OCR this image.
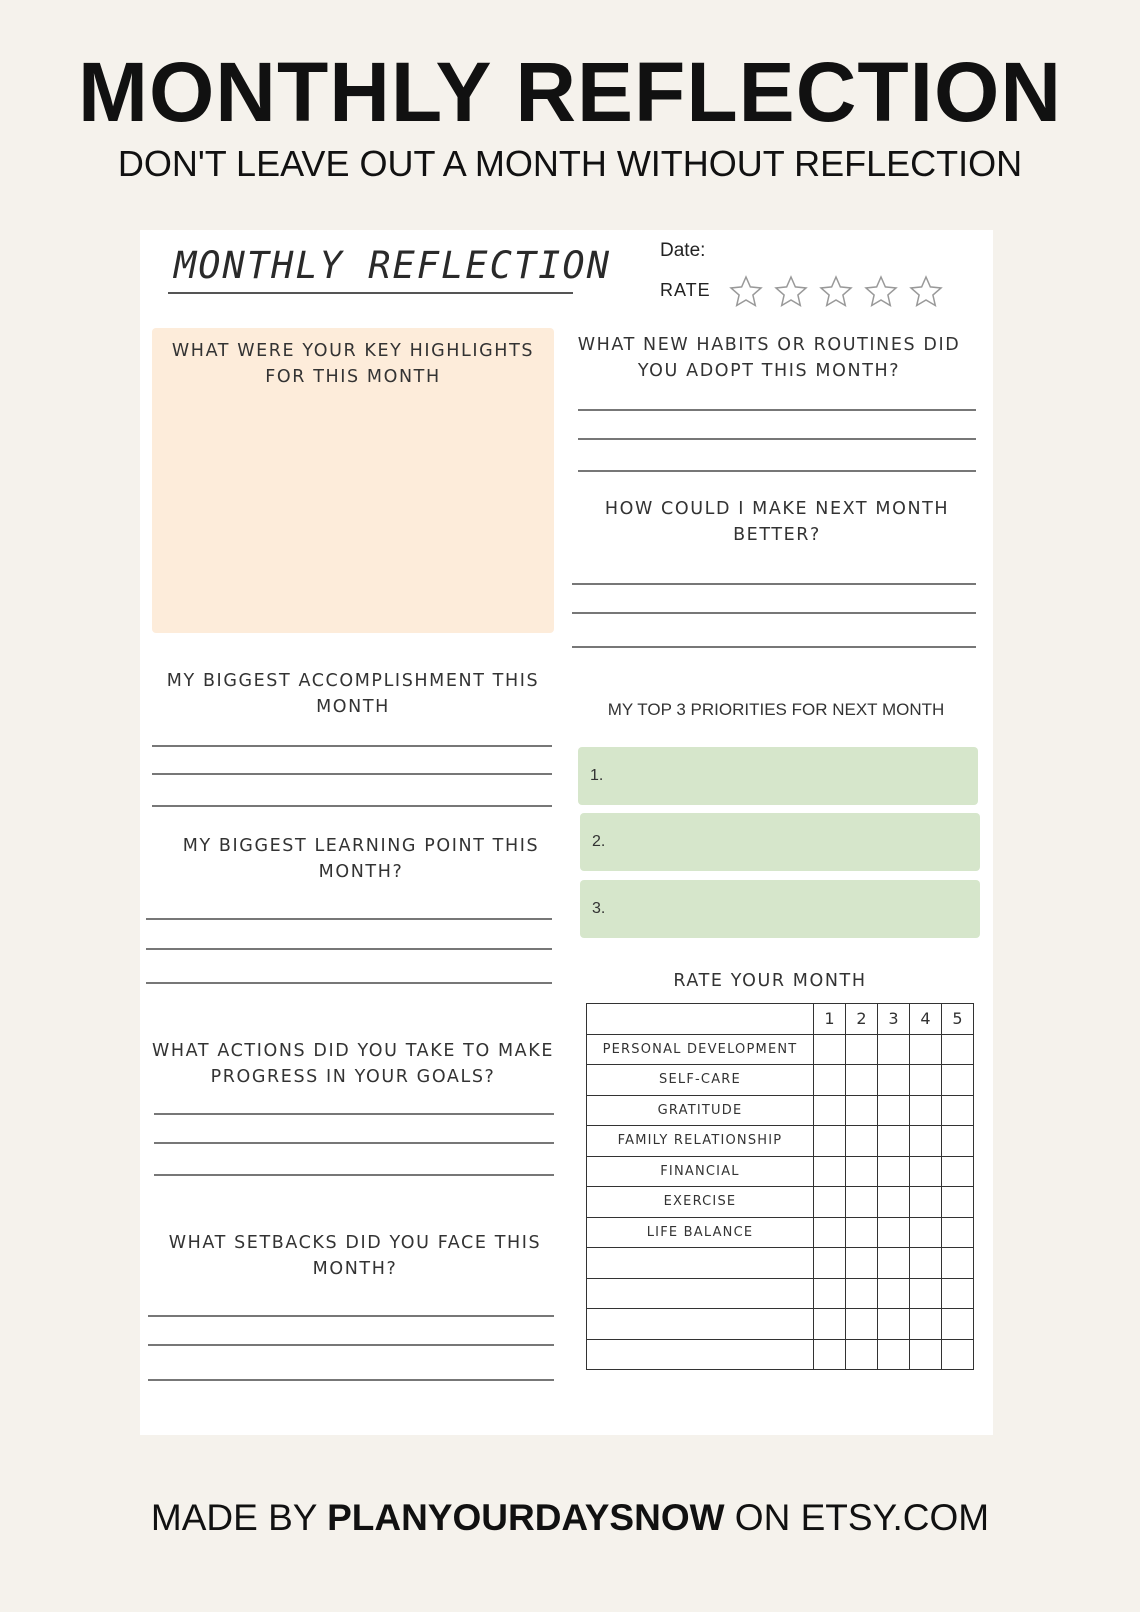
MONTHLY REFLECTION
DON'T LEAVE OUT A MONTH WITHOUT REFLECTION
MONTHLY REFLECTION	Date:
RATE
WHAT WERE YOUR KEY HIGHLIGHTS FOR THIS MONTH
MY BIGGEST ACCOMPLISHMENT THIS MONTH
MY BIGGEST LEARNING POINT THIS MONTH?
WHAT ACTIONS DID YOU TAKE TO MAKE PROGRESS IN YOUR GOALS?
WHAT SETBACKS DID YOU FACE THIS MONTH?
WHAT NEW HABITS OR ROUTINES DID YOU ADOPT THIS MONTH?
HOW COULD I MAKE NEXT MONTH BETTER?
MY TOP 3 PRIORITIES FOR NEXT MONTH
1.
2.
3.
RATE YOUR MONTH
	1	2	3	4	5
PERSONAL DEVELOPMENT					
SELF-CARE					
GRATITUDE					
FAMILY RELATIONSHIP					
FINANCIAL					
EXERCISE					
LIFE BALANCE					

MADE BY PLANYOURDAYSNOW ON ETSY.COM
